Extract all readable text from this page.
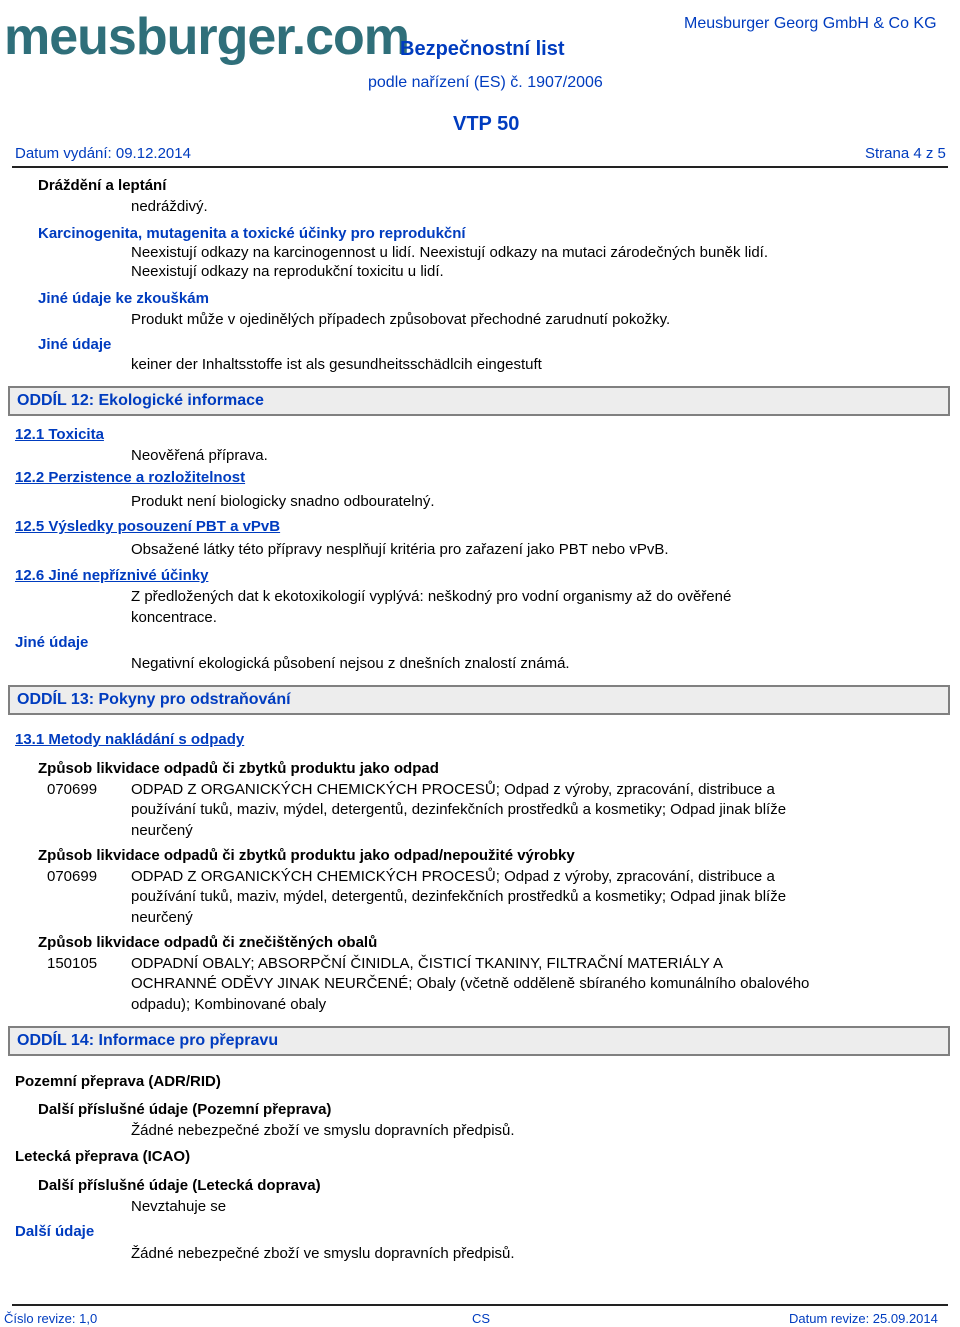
meusburger.com
Bezpečnostní list
podle nařízení (ES) č. 1907/2006
Meusburger Georg GmbH & Co KG
VTP 50
Datum vydání: 09.12.2014	Strana 4 z 5
Dráždění a leptání
nedráždivý.
Karcinogenita, mutagenita a toxické účinky pro reprodukční
Neexistují odkazy na karcinogennost u lidí. Neexistují odkazy na mutaci zárodečných buněk lidí.
Neexistují odkazy na reprodukční toxicitu u lidí.
Jiné údaje ke zkouškám
Produkt může v ojedinělých případech způsobovat přechodné zarudnutí pokožky.
Jiné údaje
keiner der Inhaltsstoffe ist als gesundheitsschädlcih eingestuft
ODDÍL 12: Ekologické informace
12.1 Toxicita
Neověřená příprava.
12.2 Perzistence a rozložitelnost
Produkt není biologicky snadno odbouratelný.
12.5 Výsledky posouzení PBT a vPvB
Obsažené látky této přípravy nesplňují kritéria pro zařazení jako PBT nebo vPvB.
12.6 Jiné nepříznivé účinky
Z předložených dat k ekotoxikologií vyplývá: neškodný pro vodní organismy až do ověřené
koncentrace.
Jiné údaje
Negativní ekologická působení nejsou z dnešních znalostí známá.
ODDÍL 13: Pokyny pro odstraňování
13.1 Metody nakládání s odpady
Způsob likvidace odpadů či zbytků produktu jako odpad
070699 ODPAD Z ORGANICKÝCH CHEMICKÝCH PROCESŮ; Odpad z výroby, zpracování, distribuce a
používání tuků, maziv, mýdel, detergentů, dezinfekčních prostředků a kosmetiky; Odpad jinak blíže
neurčený
Způsob likvidace odpadů či zbytků produktu jako odpad/nepoužité výrobky
070699 ODPAD Z ORGANICKÝCH CHEMICKÝCH PROCESŮ; Odpad z výroby, zpracování, distribuce a
používání tuků, maziv, mýdel, detergentů, dezinfekčních prostředků a kosmetiky; Odpad jinak blíže
neurčený
Způsob likvidace odpadů či znečištěných obalů
150105 ODPADNÍ OBALY; ABSORPČNÍ ČINIDLA, ČISTICÍ TKANINY, FILTRAČNÍ MATERIÁLY A
OCHRANNÉ ODĚVY JINAK NEURČENÉ; Obaly (včetně odděleně sbíraného komunálního obalového
odpadu); Kombinované obaly
ODDÍL 14: Informace pro přepravu
Pozemní přeprava (ADR/RID)
Další příslušné údaje (Pozemní přeprava)
Žádné nebezpečné zboží ve smyslu dopravních předpisů.
Letecká přeprava (ICAO)
Další příslušné údaje (Letecká doprava)
Nevztahuje se
Další údaje
Žádné nebezpečné zboží ve smyslu dopravních předpisů.
Číslo revize: 1,0	CS	Datum revize: 25.09.2014
